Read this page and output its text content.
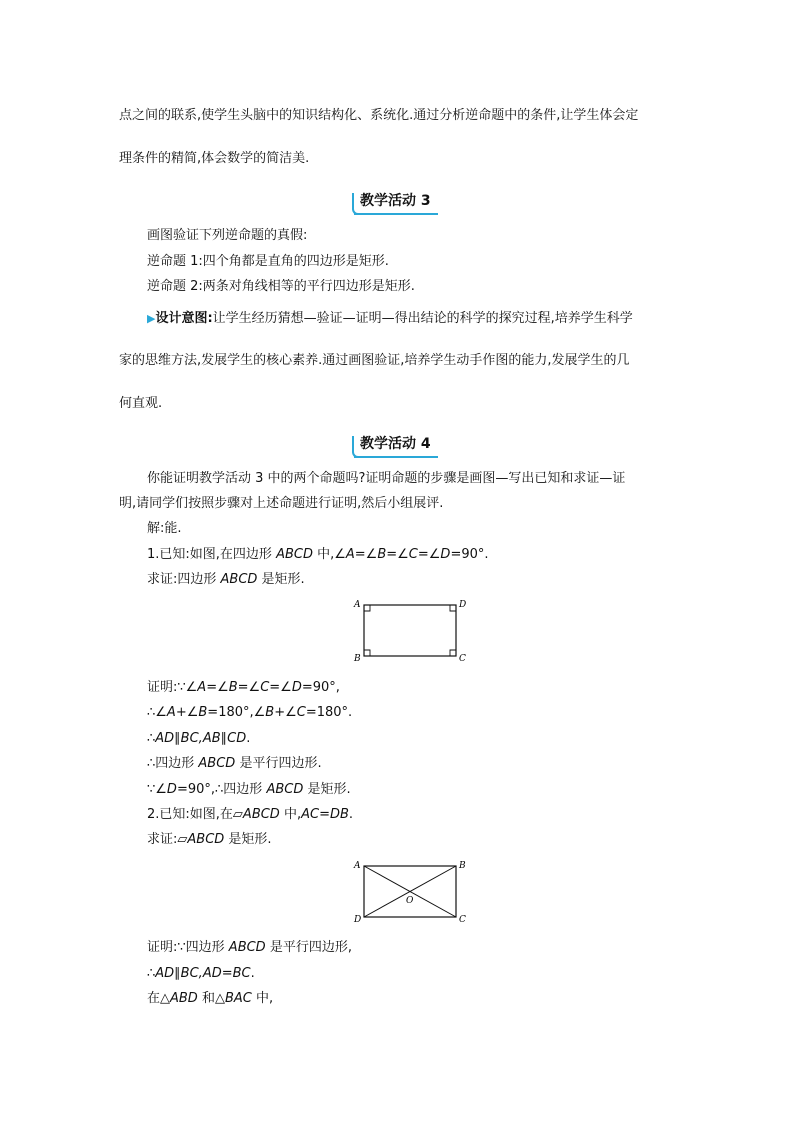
点之间的联系,使学生头脑中的知识结构化、系统化.通过分析逆命题中的条件,让学生体会定
理条件的精简,体会数学的简洁美.
教学活动 3
画图验证下列逆命题的真假:
逆命题 1:四个角都是直角的四边形是矩形.
逆命题 2:两条对角线相等的平行四边形是矩形.
▶设计意图:让学生经历猜想—验证—证明—得出结论的科学的探究过程,培养学生科学
家的思维方法,发展学生的核心素养.通过画图验证,培养学生动手作图的能力,发展学生的几
何直观.
教学活动 4
你能证明教学活动 3 中的两个命题吗?证明命题的步骤是画图—写出已知和求证—证
明,请同学们按照步骤对上述命题进行证明,然后小组展评.
解:能.
1.已知:如图,在四边形 ABCD 中,∠A=∠B=∠C=∠D=90°.
求证:四边形 ABCD 是矩形.
A	D
B	C
证明:∵∠A=∠B=∠C=∠D=90°,
∴∠A+∠B=180°,∠B+∠C=180°.
∴AD∥BC,AB∥CD.
∴四边形 ABCD 是平行四边形.
∵∠D=90°,∴四边形 ABCD 是矩形.
2.已知:如图,在▱ABCD 中,AC=DB.
求证:▱ABCD 是矩形.
A	B
D	C
O
证明:∵四边形 ABCD 是平行四边形,
∴AD∥BC,AD=BC.
在△ABD 和△BAC 中,
